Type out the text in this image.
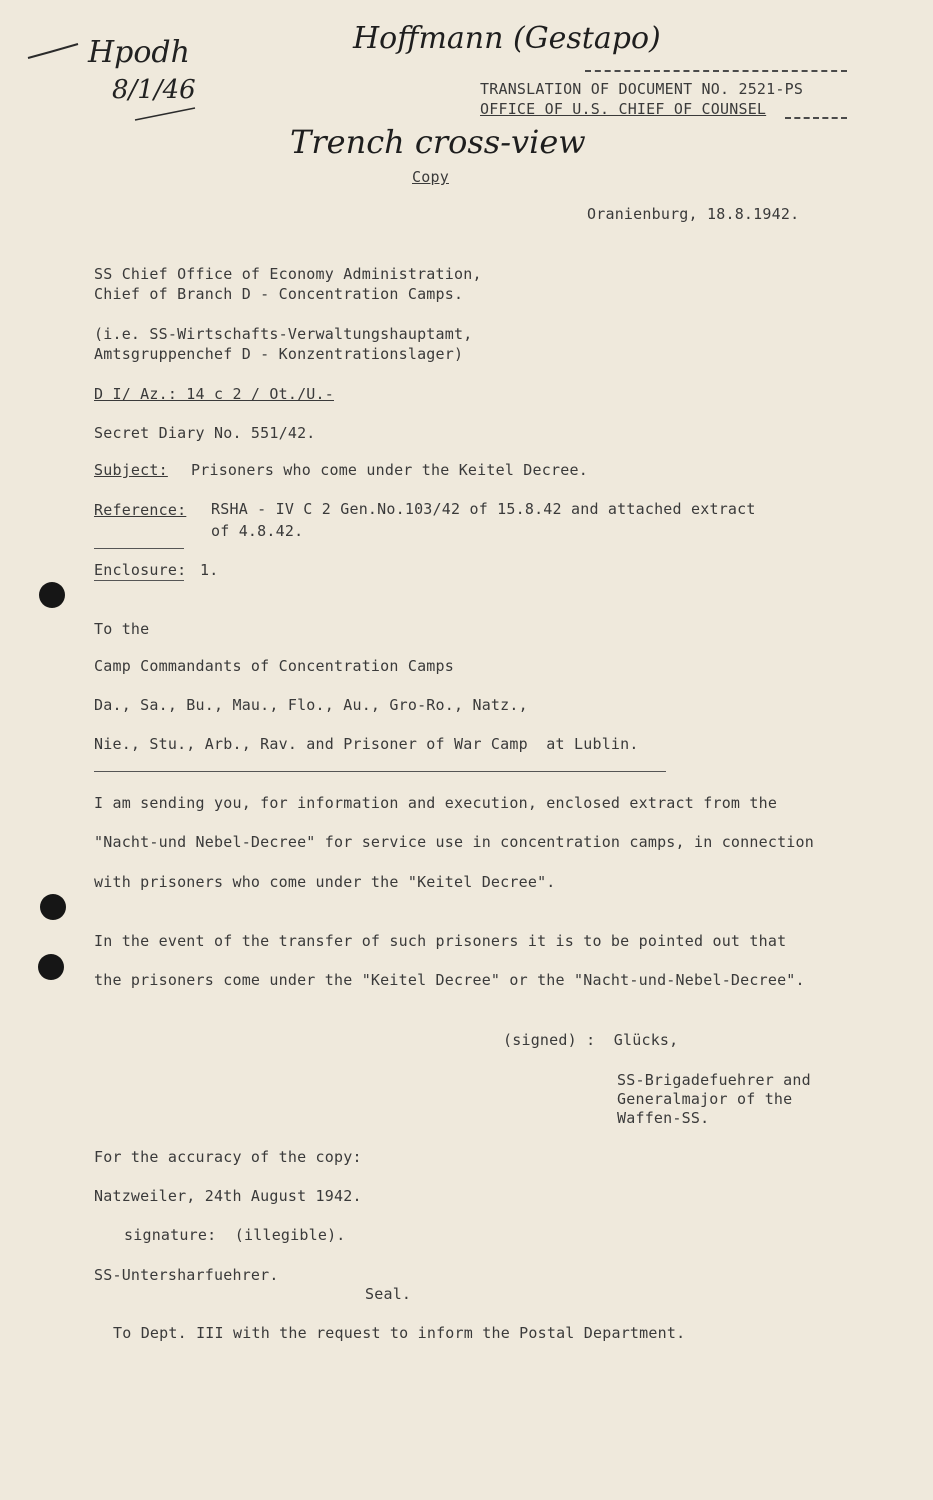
Hpodh
8/1/46
Hoffmann (Gestapo)
Trench cross-view
TRANSLATION OF DOCUMENT NO. 2521-PS
OFFICE OF U.S. CHIEF OF COUNSEL
Copy
Oranienburg, 18.8.1942.
SS Chief Office of Economy Administration,
Chief of Branch D - Concentration Camps.
(i.e. SS-Wirtschafts-Verwaltungshauptamt,
Amtsgruppenchef D - Konzentrationslager)
D I/ Az.: 14 c 2 / Ot./U.-
Secret Diary No. 551/42.
Subject: Prisoners who come under the Keitel Decree.
Reference: RSHA - IV C 2 Gen.No.103/42 of 15.8.42 and attached extract
of 4.8.42.
Enclosure: 1.
To the
Camp Commandants of Concentration Camps
Da., Sa., Bu., Mau., Flo., Au., Gro-Ro., Natz.,
Nie., Stu., Arb., Rav. and Prisoner of War Camp  at Lublin.
I am sending you, for information and execution, enclosed extract from the
"Nacht-und Nebel-Decree" for service use in concentration camps, in connection
with prisoners who come under the "Keitel Decree".
In the event of the transfer of such prisoners it is to be pointed out that
the prisoners come under the "Keitel Decree" or the "Nacht-und-Nebel-Decree".
(signed) :  Glücks,
SS-Brigadefuehrer and
Generalmajor of the
Waffen-SS.
For the accuracy of the copy:
Natzweiler, 24th August 1942.
signature:  (illegible).
SS-Untersharfuehrer.
Seal.
To Dept. III with the request to inform the Postal Department.
